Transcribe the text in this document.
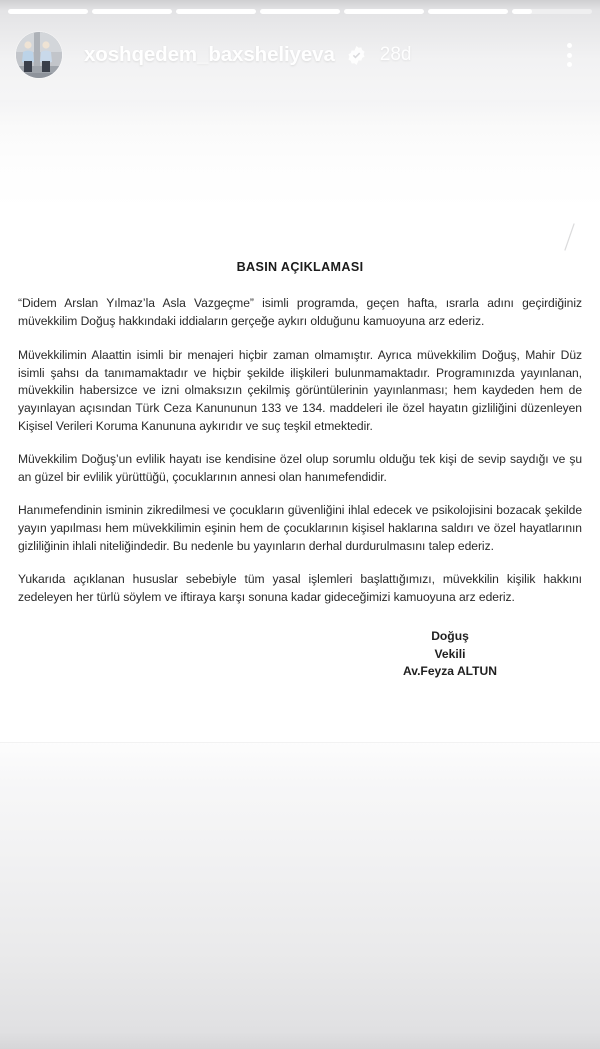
xoshqedem_baxsheliyeva 28d
BASIN AÇIKLAMASI

“Didem Arslan Yılmaz’la Asla Vazgeçme” isimli programda, geçen hafta, ısrarla adını geçirdiğiniz müvekkilim Doğuş hakkındaki iddiaların gerçeğe aykırı olduğunu kamuoyuna arz ederiz.

Müvekkilimin Alaattin isimli bir menajeri hiçbir zaman olmamıştır. Ayrıca müvekkilim Doğuş, Mahir Düz isimli şahsı da tanımamaktadır ve hiçbir şekilde ilişkileri bulunmamaktadır. Programınızda yayınlanan, müvekkilin habersizce ve izni olmaksızın çekilmiş görüntülerinin yayınlanması; hem kaydeden hem de yayınlayan açısından Türk Ceza Kanununun 133 ve 134. maddeleri ile özel hayatın gizliliğini düzenleyen Kişisel Verileri Koruma Kanununa aykırıdır ve suç teşkil etmektedir.

Müvekkilim Doğuş’un evlilik hayatı ise kendisine özel olup sorumlu olduğu tek kişi de sevip saydığı ve şu an güzel bir evlilik yürüttüğü, çocuklarının annesi olan hanımefendidir.

Hanımefendinin isminin zikredilmesi ve çocukların güvenliğini ihlal edecek ve psikolojisini bozacak şekilde yayın yapılması hem müvekkilimin eşinin hem de çocuklarının kişisel haklarına saldırı ve özel hayatlarının gizliliğinin ihlali niteliğindedir. Bu nedenle bu yayınların derhal durdurulmasını talep ederiz.

Yukarıda açıklanan hususlar sebebiyle tüm yasal işlemleri başlattığımızı, müvekkilin kişilik hakkını zedeleyen her türlü söylem ve iftiraya karşı sonuna kadar gideceğimizi kamuoyuna arz ederiz.

Doğuş
Vekili
Av.Feyza ALTUN
